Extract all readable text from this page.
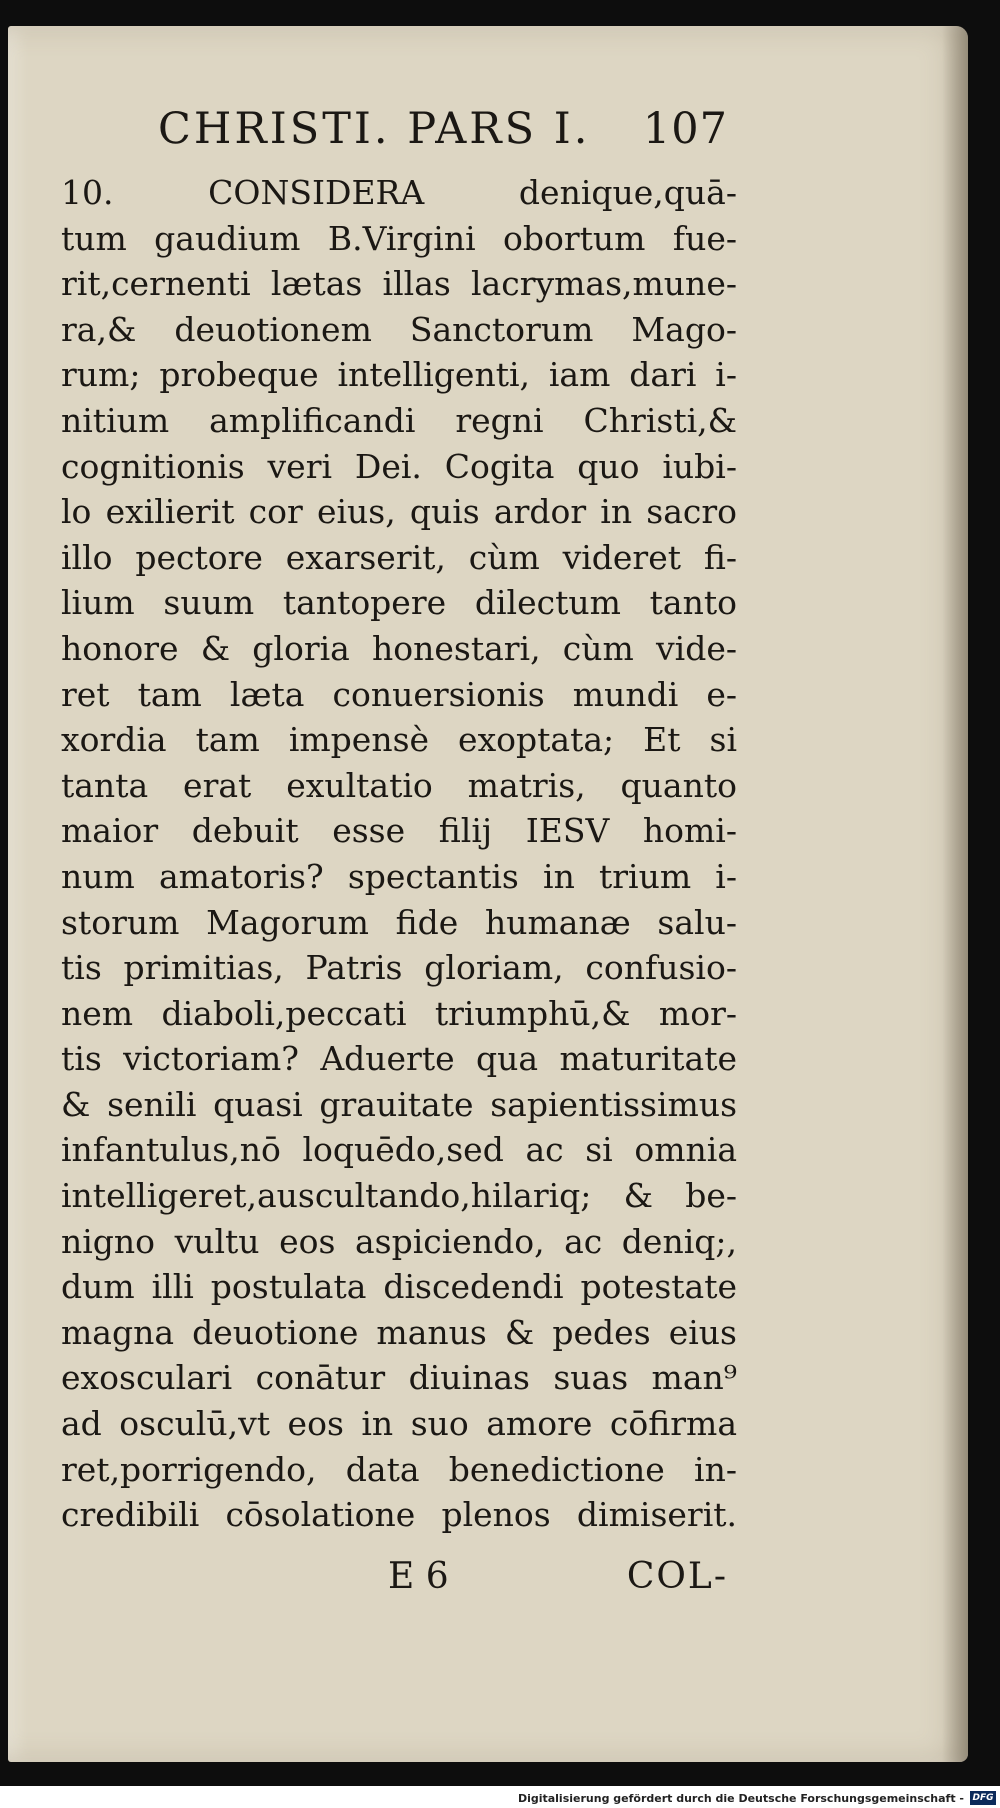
CHRISTI. PARS I. 107
10. CONSIDERA denique,quā-
tum gaudium B.Virgini obortum fue-
rit,cernenti lætas illas lacrymas,mune-
ra,& deuotionem Sanctorum Mago-
rum; probeque intelligenti, iam dari i-
nitium amplificandi regni Christi,&
cognitionis veri Dei. Cogita quo iubi-
lo exilierit cor eius, quis ardor in sacro
illo pectore exarserit, cùm videret fi-
lium suum tantopere dilectum tanto
honore & gloria honestari, cùm vide-
ret tam læta conuersionis mundi e-
xordia tam impensè exoptata; Et si
tanta erat exultatio matris, quanto
maior debuit esse filij IESV homi-
num amatoris? spectantis in trium i-
storum Magorum fide humanæ salu-
tis primitias, Patris gloriam, confusio-
nem diaboli,peccati triumphū,& mor-
tis victoriam? Aduerte qua maturitate
& senili quasi grauitate sapientissimus
infantulus,nō loquēdo,sed ac si omnia
intelligeret,auscultando,hilariq; & be-
nigno vultu eos aspiciendo, ac deniq;,
dum illi postulata discedendi potestate
magna deuotione manus & pedes eius
exosculari conātur diuinas suas man⁹
ad osculū,vt eos in suo amore cōfirma
ret,porrigendo, data benedictione in-
credibili cōsolatione plenos dimiserit.
E 6	COL-
Digitalisierung gefördert durch die Deutsche Forschungsgemeinschaft - DFG
